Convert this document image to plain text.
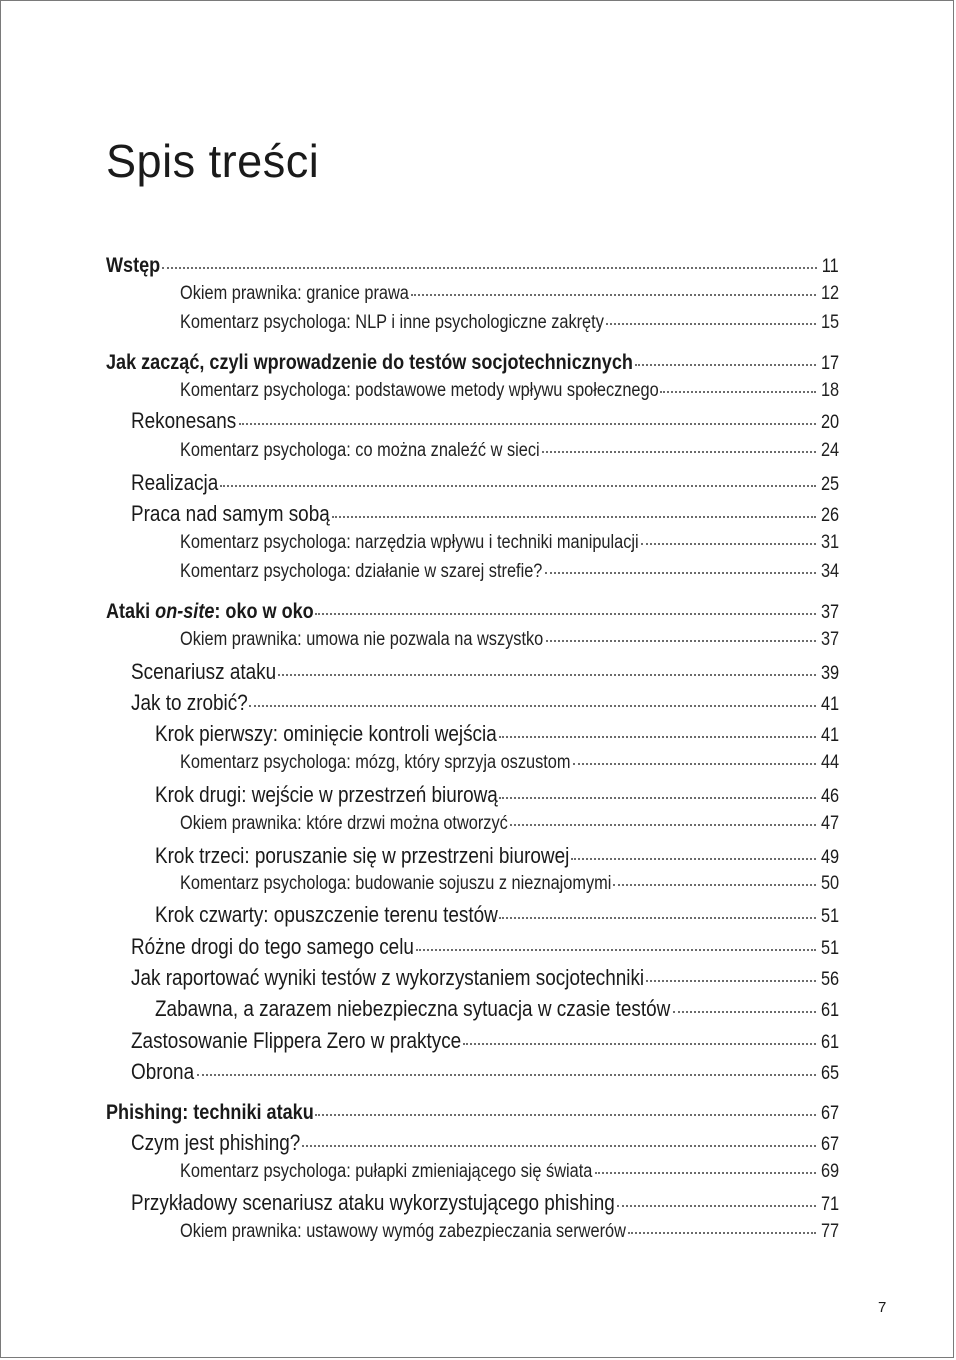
Spis treści
Wstęp	11
Okiem prawnika: granice prawa	12
Komentarz psychologa: NLP i inne psychologiczne zakręty	15
Jak zacząć, czyli wprowadzenie do testów socjotechnicznych	17
Komentarz psychologa: podstawowe metody wpływu społecznego	18
Rekonesans	20
Komentarz psychologa: co można znaleźć w sieci	24
Realizacja	25
Praca nad samym sobą	26
Komentarz psychologa: narzędzia wpływu i techniki manipulacji	31
Komentarz psychologa: działanie w szarej strefie?	34
Ataki on-site: oko w oko	37
Okiem prawnika: umowa nie pozwala na wszystko	37
Scenariusz ataku	39
Jak to zrobić?	41
Krok pierwszy: ominięcie kontroli wejścia	41
Komentarz psychologa: mózg, który sprzyja oszustom	44
Krok drugi: wejście w przestrzeń biurową	46
Okiem prawnika: które drzwi można otworzyć	47
Krok trzeci: poruszanie się w przestrzeni biurowej	49
Komentarz psychologa: budowanie sojuszu z nieznajomymi	50
Krok czwarty: opuszczenie terenu testów	51
Różne drogi do tego samego celu	51
Jak raportować wyniki testów z wykorzystaniem socjotechniki	56
Zabawna, a zarazem niebezpieczna sytuacja w czasie testów	61
Zastosowanie Flippera Zero w praktyce	61
Obrona	65
Phishing: techniki ataku	67
Czym jest phishing?	67
Komentarz psychologa: pułapki zmieniającego się świata	69
Przykładowy scenariusz ataku wykorzystującego phishing	71
Okiem prawnika: ustawowy wymóg zabezpieczania serwerów	77
7
